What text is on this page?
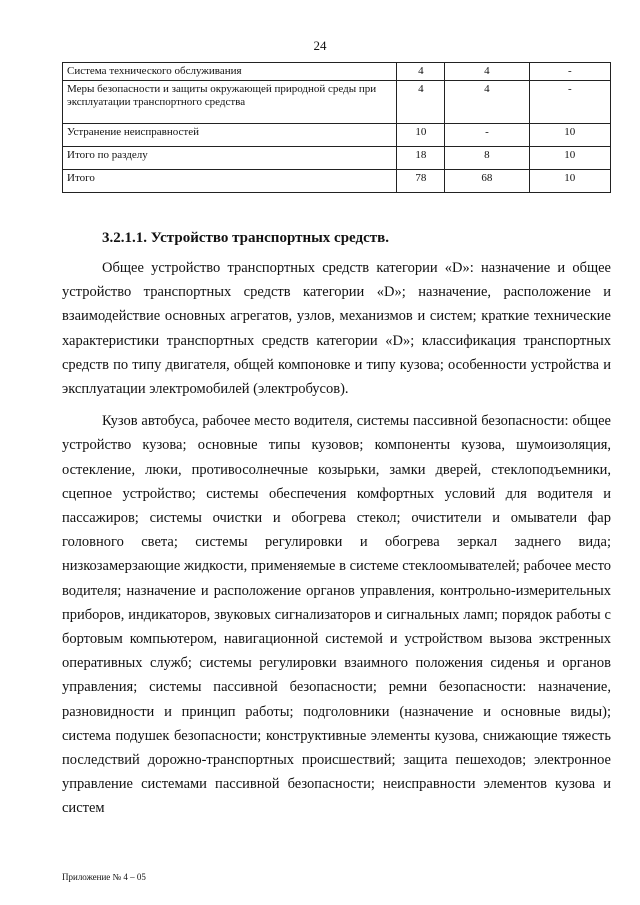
24
Система технического обслуживания	4	4	-
Меры безопасности и защиты окружающей природной среды при эксплуатации транспортного средства	4	4	-
Устранение неисправностей	10	-	10
Итого по разделу	18	8	10
Итого	78	68	10
3.2.1.1. Устройство транспортных средств.

Общее устройство транспортных средств категории «D»: назначение и общее устройство транспортных средств категории «D»; назначение, расположение и взаимодействие основных агрегатов, узлов, механизмов и систем; краткие технические характеристики транспортных средств категории «D»; классификация транспортных средств по типу двигателя, общей компоновке и типу кузова; особенности устройства и эксплуатации электромобилей (электробусов).

Кузов автобуса, рабочее место водителя, системы пассивной безопасности: общее устройство кузова; основные типы кузовов; компоненты кузова, шумоизоляция, остекление, люки, противосолнечные козырьки, замки дверей, стеклоподъемники, сцепное устройство; системы обеспечения комфортных условий для водителя и пассажиров; системы очистки и обогрева стекол; очистители и омыватели фар головного света; системы регулировки и обогрева зеркал заднего вида; низкозамерзающие жидкости, применяемые в системе стеклоомывателей; рабочее место водителя; назначение и расположение органов управления, контрольно-измерительных приборов, индикаторов, звуковых сигнализаторов и сигнальных ламп; порядок работы с бортовым компьютером, навигационной системой и устройством вызова экстренных оперативных служб; системы регулировки взаимного положения сиденья и органов управления; системы пассивной безопасности; ремни безопасности: назначение, разновидности и принцип работы; подголовники (назначение и основные виды); система подушек безопасности; конструктивные элементы кузова, снижающие тяжесть последствий дорожно-транспортных происшествий; защита пешеходов; электронное управление системами пассивной безопасности; неисправности элементов кузова и систем

Приложение № 4 – 05
